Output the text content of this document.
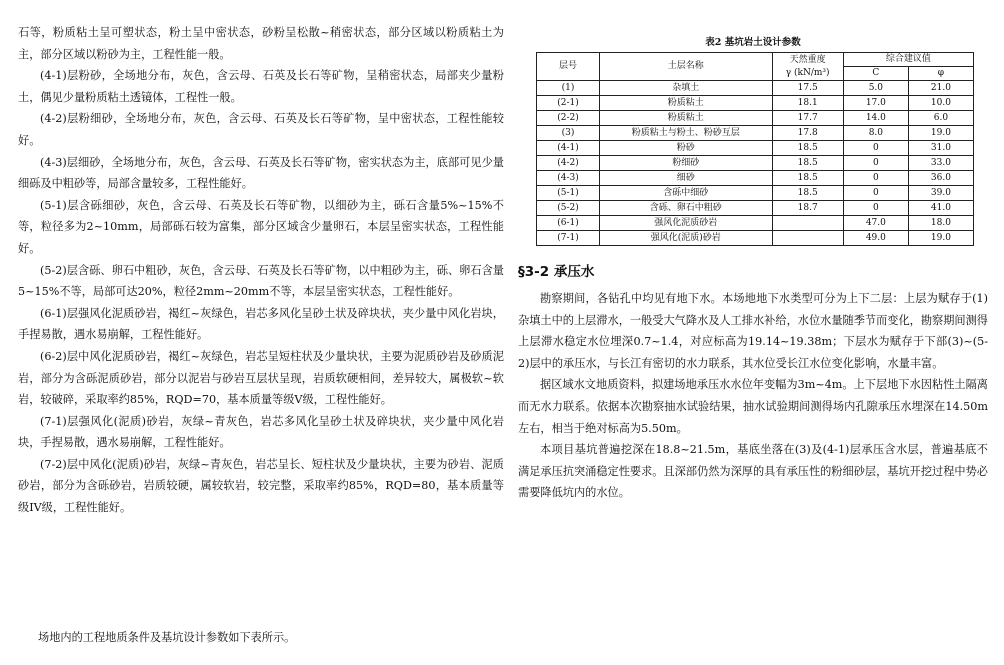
石等，粉质粘土呈可塑状态，粉土呈中密状态，砂粉呈松散~稍密状态，部分区域以粉质粘土为主，部分区域以粉砂为主，工程性能一般。

(4-1)层粉砂，全场地分布，灰色，含云母、石英及长石等矿物，呈稍密状态，局部夹少量粉土，偶见少量粉质粘土透镜体，工程性一般。

(4-2)层粉细砂，全场地分布，灰色，含云母、石英及长石等矿物，呈中密状态，工程性能较好。

(4-3)层细砂，全场地分布，灰色，含云母、石英及长石等矿物，密实状态为主，底部可见少量细砾及中粗砂等，局部含量较多，工程性能好。

(5-1)层含砾细砂，灰色，含云母、石英及长石等矿物，以细砂为主，砾石含量5%~15%不等，粒径多为2~10mm，局部砾石较为富集，部分区域含少量卵石，本层呈密实状态，工程性能好。

(5-2)层含砾、卵石中粗砂，灰色，含云母、石英及长石等矿物，以中粗砂为主，砾、卵石含量5~15%不等，局部可达20%，粒径2mm~20mm不等，本层呈密实状态，工程性能好。

(6-1)层强风化泥质砂岩，褐红~灰绿色，岩芯多风化呈砂土状及碎块状，夹少量中风化岩块，手捏易散，遇水易崩解，工程性能好。

(6-2)层中风化泥质砂岩，褐红~灰绿色，岩芯呈短柱状及少量块状，主要为泥质砂岩及砂质泥岩，部分为含砾泥质砂岩，部分以泥岩与砂岩互层状呈现，岩质软硬相间，差异较大，属极软~软岩，较破碎，采取率约85%，RQD=70，基本质量等级V级，工程性能好。

(7-1)层强风化(泥质)砂岩，灰绿~青灰色，岩芯多风化呈砂土状及碎块状，夹少量中风化岩块，手捏易散，遇水易崩解，工程性能好。

(7-2)层中风化(泥质)砂岩，灰绿~青灰色，岩芯呈长、短柱状及少量块状，主要为砂岩、泥质砂岩，部分为含砾砂岩，岩质较硬，属较软岩，较完整，采取率约85%，RQD=80，基本质量等级IV级，工程性能好。

表2 基坑岩土设计参数

层号	土层名称	天然重度
γ (kN/m³)	综合建议值	
			C	φ
(1)	杂填土	17.5	5.0	21.0
(2-1)	粉质粘土	18.1	17.0	10.0
(2-2)	粉质粘土	17.7	14.0	6.0
(3)	粉质粘土与粉土、粉砂互层	17.8	8.0	19.0
(4-1)	粉砂	18.5	0	31.0
(4-2)	粉细砂	18.5	0	33.0
(4-3)	细砂	18.5	0	36.0
(5-1)	含砾中细砂	18.5	0	39.0
(5-2)	含砾、卵石中粗砂	18.7	0	41.0
(6-1)	强风化泥质砂岩		47.0	18.0
(7-1)	强风化(泥质)砂岩		49.0	19.0
§3-2 承压水

勘察期间，各钻孔中均见有地下水。本场地地下水类型可分为上下二层：上层为赋存于(1)杂填土中的上层滞水，一般受大气降水及人工排水补给，水位水量随季节而变化，勘察期间测得上层滞水稳定水位埋深0.7~1.4，对应标高为19.14~19.38m；下层水为赋存于下部(3)~(5-2)层中的承压水，与长江有密切的水力联系，其水位受长江水位变化影响，水量丰富。

据区域水文地质资料，拟建场地承压水水位年变幅为3m~4m。上下层地下水因粘性土隔离而无水力联系。依据本次勘察抽水试验结果，抽水试验期间测得场内孔隙承压水埋深在14.50m左右，相当于绝对标高为5.50m。

本项目基坑普遍挖深在18.8~21.5m，基底坐落在(3)及(4-1)层承压含水层，普遍基底不满足承压抗突涌稳定性要求。且深部仍然为深厚的具有承压性的粉细砂层，基坑开挖过程中势必需要降低坑内的水位。

场地内的工程地质条件及基坑设计参数如下表所示。
